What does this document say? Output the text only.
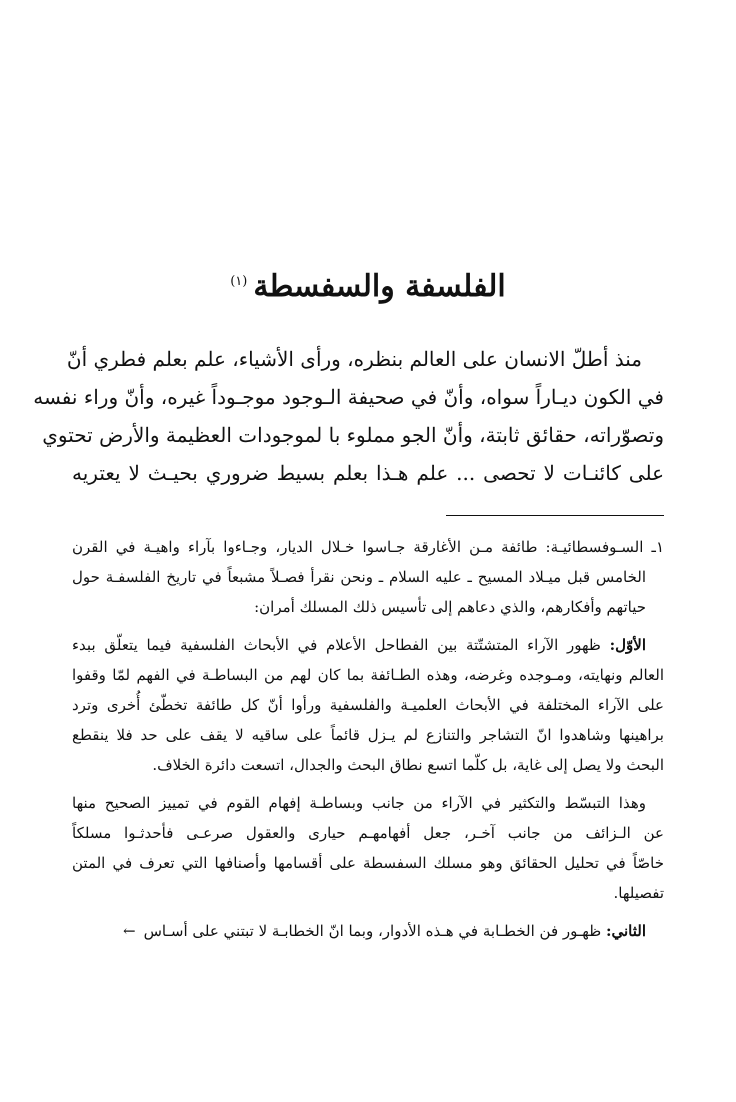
الفلسفة والسفسطة$^{(١)}$
منذ أطلّ الانسان على العالم بنظره، ورأى الأشياء، علم بعلم فطري أنّ
في الكون ديـاراً سواه، وأنّ في صحيفة الـوجود موجـوداً غيره، وأنّ وراء نفسه
وتصوّراته، حقائق ثابتة، وأنّ الجو مملوء با لموجودات العظيمة والأرض تحتوي
على كائنـات لا تحصى ... علم هـذا بعلم بسيط ضروري بحيـث لا يعتريه
١ـ السـوفسطائيـة: طائفة مـن الأغارقة جـاسوا خـلال الديار، وجـاءوا بآراء واهيـة في القرن
الخامس قبل ميـلاد المسيح ـ عليه السلام ـ ونحن نقرأ فصـلاً مشبعاً في تاريخ الفلسفـة حول
حياتهم وأفكارهم، والذي دعاهم إلى تأسيس ذلك المسلك أمران:
الأوّل: ظهور الآراء المتشتّتة بين الفطاحل الأعلام في الأبحاث الفلسفية فيما يتعلّق ببدء
العالم ونهايته، ومـوجده وغرضه، وهذه الطـائفة بما كان لهم من البساطـة في الفهم لمّا وقفوا
على الآراء المختلفة في الأبحاث العلميـة والفلسفية ورأوا أنّ كل طائفة تخطّئ أُخرى وترد
براهينها وشاهدوا انّ التشاجر والتنازع لم يـزل قائماً على ساقيه لا يقف على حد فلا ينقطع
البحث ولا يصل إلى غاية، بل كلّما اتسع نطاق البحث والجدال، اتسعت دائرة الخلاف.
وهذا التبسّط والتكثير في الآراء من جانب وبساطـة إفهام القوم في تمييز الصحيح منها
عن الـزائف من جانب آخـر، جعل أفهامهـم حيارى والعقول صرعـى فأحدثـوا مسلكاً
خاصّاً في تحليل الحقائق وهو مسلك السفسطة على أقسامها وأصنافها التي تعرف في المتن
تفصيلها.
الثاني: ظهـور فن الخطـابة في هـذه الأدوار، وبما انّ الخطابـة لا تبتني على أسـاس←
